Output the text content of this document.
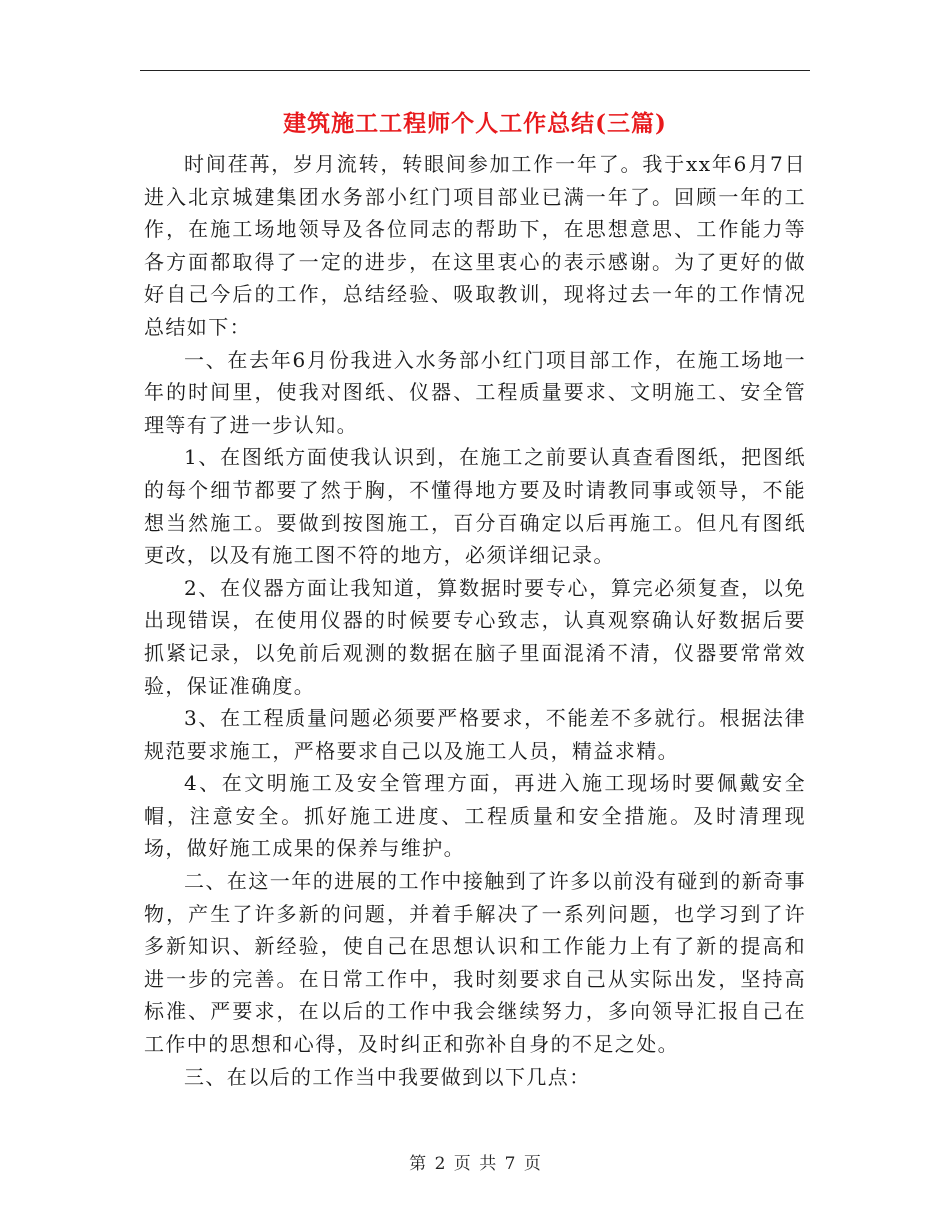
建筑施工工程师个人工作总结(三篇)

时间荏苒，岁月流转，转眼间参加工作一年了。我于xx年6月7日进入北京城建集团水务部小红门项目部业已满一年了。回顾一年的工作，在施工场地领导及各位同志的帮助下，在思想意思、工作能力等各方面都取得了一定的进步，在这里衷心的表示感谢。为了更好的做好自己今后的工作，总结经验、吸取教训，现将过去一年的工作情况总结如下：

一、在去年6月份我进入水务部小红门项目部工作，在施工场地一年的时间里，使我对图纸、仪器、工程质量要求、文明施工、安全管理等有了进一步认知。

1、在图纸方面使我认识到，在施工之前要认真查看图纸，把图纸的每个细节都要了然于胸，不懂得地方要及时请教同事或领导，不能想当然施工。要做到按图施工，百分百确定以后再施工。但凡有图纸更改，以及有施工图不符的地方，必须详细记录。

2、在仪器方面让我知道，算数据时要专心，算完必须复查，以免出现错误，在使用仪器的时候要专心致志，认真观察确认好数据后要抓紧记录，以免前后观测的数据在脑子里面混淆不清，仪器要常常效验，保证准确度。

3、在工程质量问题必须要严格要求，不能差不多就行。根据法律规范要求施工，严格要求自己以及施工人员，精益求精。

4、在文明施工及安全管理方面，再进入施工现场时要佩戴安全帽，注意安全。抓好施工进度、工程质量和安全措施。及时清理现场，做好施工成果的保养与维护。

二、在这一年的进展的工作中接触到了许多以前没有碰到的新奇事物，产生了许多新的问题，并着手解决了一系列问题，也学习到了许多新知识、新经验，使自己在思想认识和工作能力上有了新的提高和进一步的完善。在日常工作中，我时刻要求自己从实际出发，坚持高标准、严要求，在以后的工作中我会继续努力，多向领导汇报自己在工作中的思想和心得，及时纠正和弥补自身的不足之处。

三、在以后的工作当中我要做到以下几点：

第 2 页 共 7 页
